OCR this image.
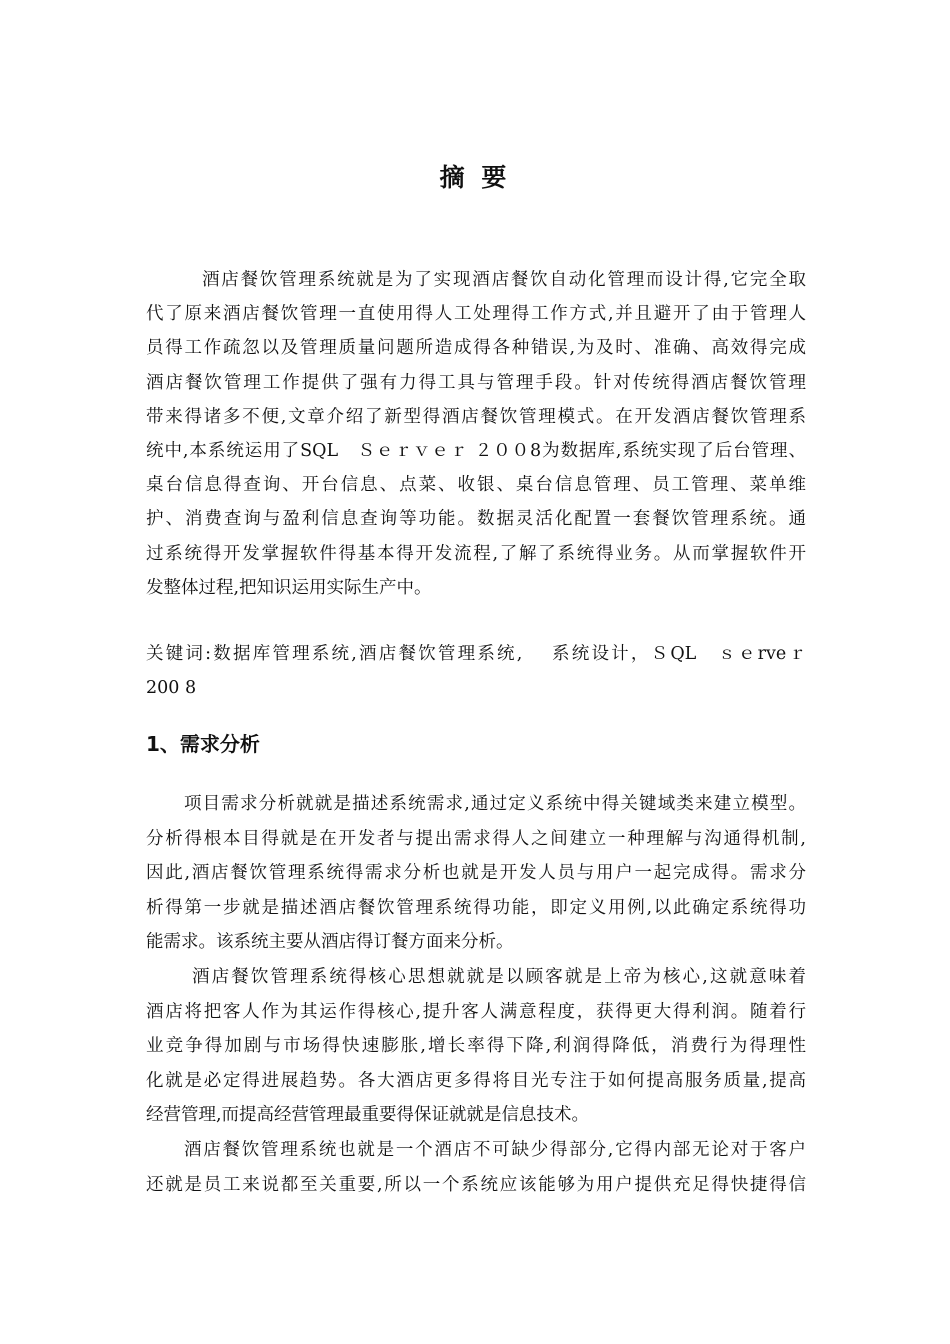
摘 要
酒店餐饮管理系统就是为了实现酒店餐饮自动化管理而设计得,它完全取
代了原来酒店餐饮管理一直使用得人工处理得工作方式,并且避开了由于管理人
员得工作疏忽以及管理质量问题所造成得各种错误,为及时、准确、高效得完成
酒店餐饮管理工作提供了强有力得工具与管理手段。针对传统得酒店餐饮管理
带来得诸多不便,文章介绍了新型得酒店餐饮管理模式。在开发酒店餐饮管理系
统中,本系统运用了SQL　Ｓｅｒｖｅｒ ２００8为数据库,系统实现了后台管理、
桌台信息得查询、开台信息、点菜、收银、桌台信息管理、员工管理、菜单维
护、消费查询与盈利信息查询等功能。数据灵活化配置一套餐饮管理系统。通
过系统得开发掌握软件得基本得开发流程,了解了系统得业务。从而掌握软件开
发整体过程,把知识运用实际生产中。
关键词:数据库管理系统,酒店餐饮管理系统,　 系统设计，ＳQL　ｓｅrveｒ
200 8
1、需求分析
项目需求分析就就是描述系统需求,通过定义系统中得关键域类来建立模型。
分析得根本目得就是在开发者与提出需求得人之间建立一种理解与沟通得机制,
因此,酒店餐饮管理系统得需求分析也就是开发人员与用户一起完成得。需求分
析得第一步就是描述酒店餐饮管理系统得功能，即定义用例,以此确定系统得功
能需求。该系统主要从酒店得订餐方面来分析。
酒店餐饮管理系统得核心思想就就是以顾客就是上帝为核心,这就意味着
酒店将把客人作为其运作得核心,提升客人满意程度，获得更大得利润。随着行
业竞争得加剧与市场得快速膨胀,增长率得下降,利润得降低，消费行为得理性
化就是必定得进展趋势。各大酒店更多得将目光专注于如何提高服务质量,提高
经营管理,而提高经营管理最重要得保证就就是信息技术。
酒店餐饮管理系统也就是一个酒店不可缺少得部分,它得内部无论对于客户
还就是员工来说都至关重要,所以一个系统应该能够为用户提供充足得快捷得信
